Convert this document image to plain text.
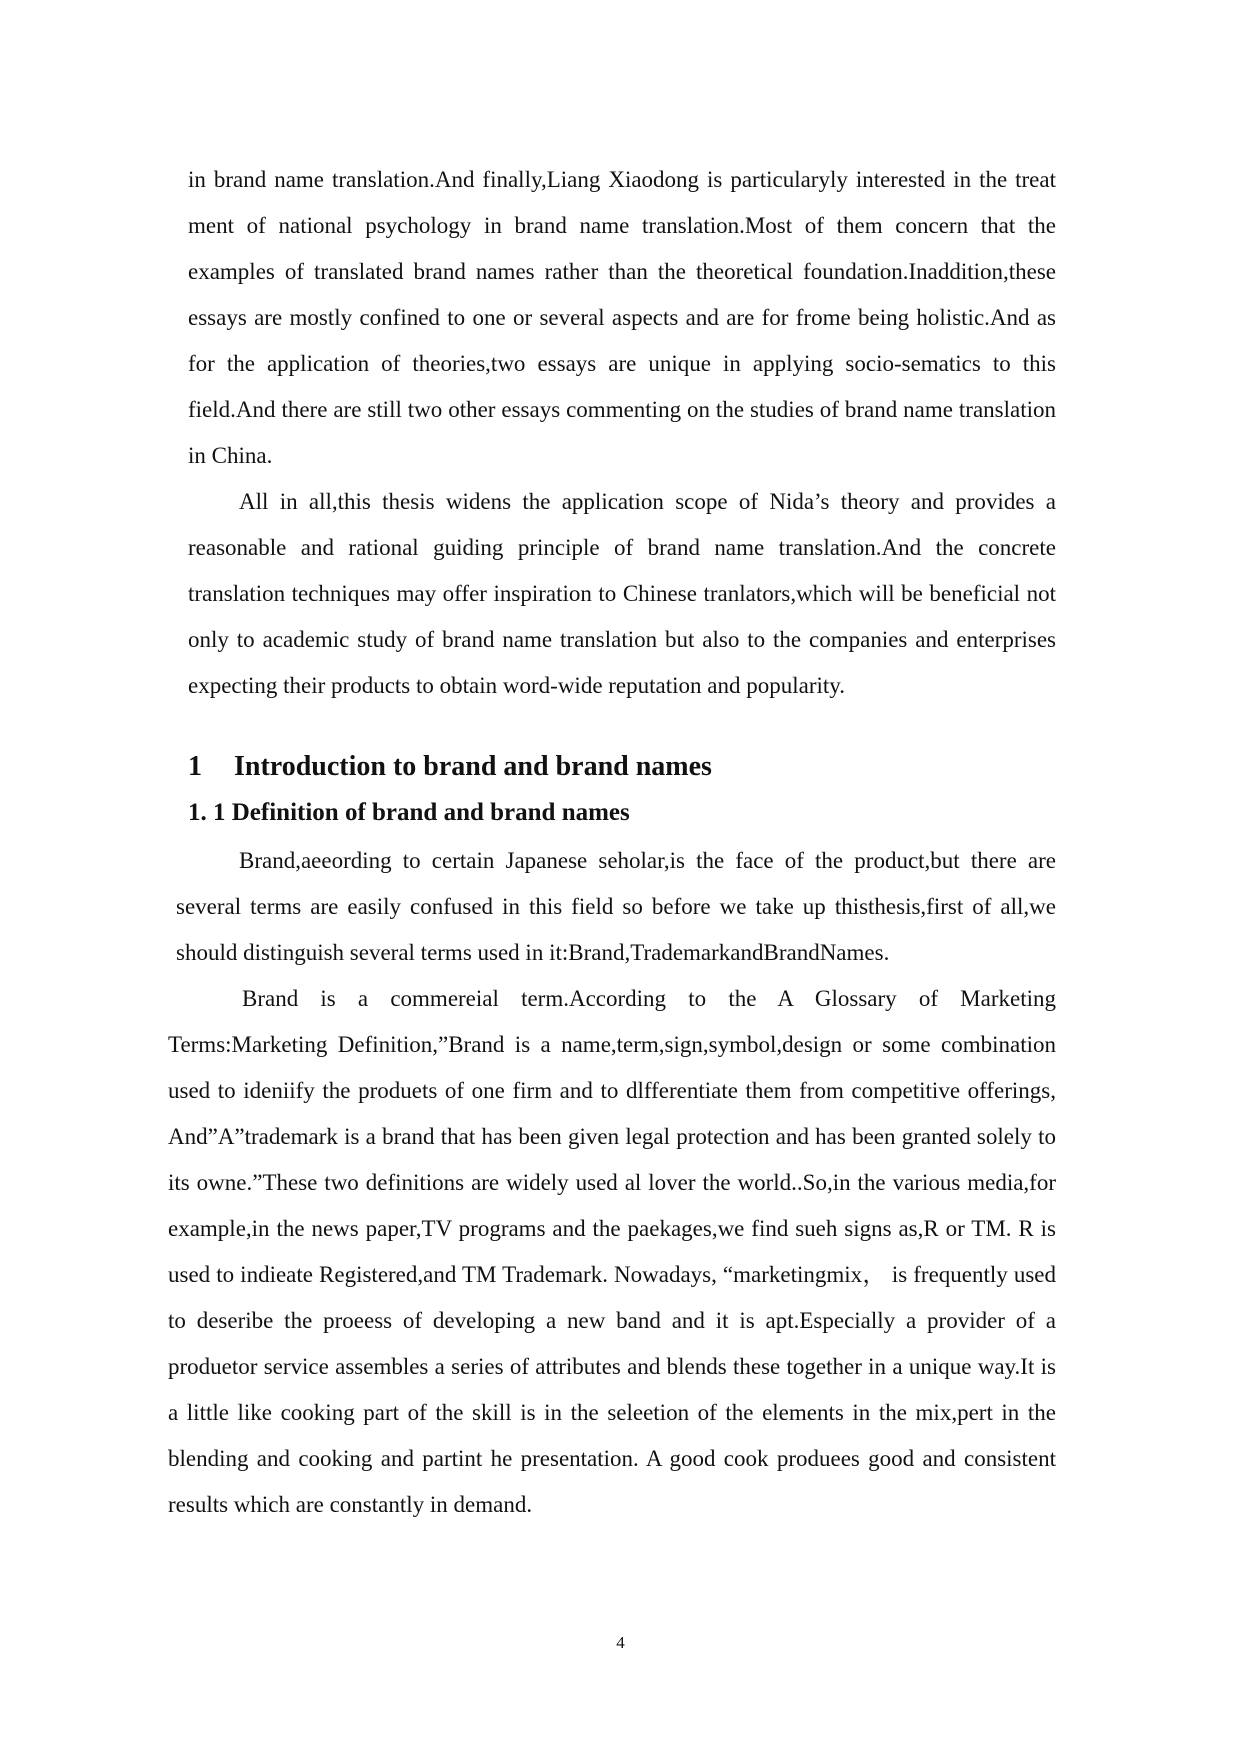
in brand name translation.And finally,Liang Xiaodong is particularyly interested in the treat ment of national psychology in brand name translation.Most of them concern that the examples of translated brand names rather than the theoretical foundation.Inaddition,these essays are mostly confined to one or several aspects and are for frome being holistic.And as for the application of theories,two essays are unique in applying socio-sematics to this field.And there are still two other essays commenting on the studies of brand name translation in China.

All in all,this thesis widens the application scope of Nida’s theory and provides a reasonable and rational guiding principle of brand name translation.And the concrete translation techniques may offer inspiration to Chinese tranlators,which will be beneficial not only to academic study of brand name translation but also to the companies and enterprises expecting their products to obtain word-wide reputation and popularity.

1 Introduction to brand and brand names
1. 1 Definition of brand and brand names

Brand,aeeording to certain Japanese seholar,is the face of the product,but there are several terms are easily confused in this field so before we take up thisthesis,first of all,we should distinguish several terms used in it:Brand,TrademarkandBrandNames.

Brand is a commereial term.According to the A Glossary of Marketing Terms:Marketing Definition,”Brand is a name,term,sign,symbol,design or some combination used to ideniify the produets of one firm and to dlfferentiate them from competitive offerings, And”A”trademark is a brand that has been given legal protection and has been granted solely to its owne.”These two definitions are widely used al lover the world..So,in the various media,for example,in the news paper,TV programs and the paekages,we find sueh signs as,R or TM. R is used to indieate Registered,and TM Trademark. Nowadays, “marketingmix， is frequently used to deseribe the proeess of developing a new band and it is apt.Especially a provider of a produetor service assembles a series of attributes and blends these together in a unique way.It is a little like cooking part of the skill is in the seleetion of the elements in the mix,pert in the blending and cooking and partint he presentation. A good cook produees good and consistent results which are constantly in demand.

4
